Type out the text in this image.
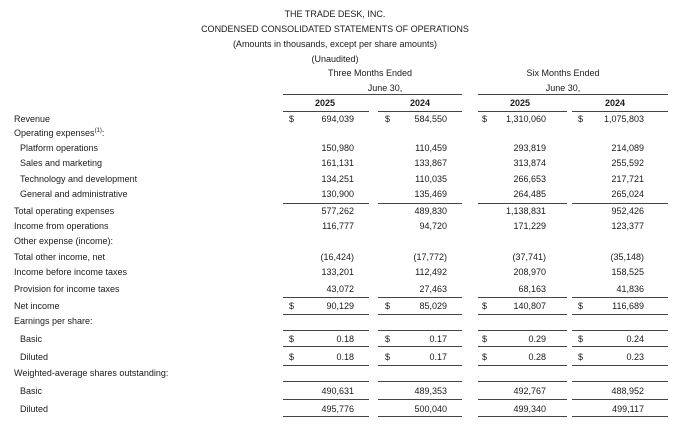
THE TRADE DESK, INC.
CONDENSED CONSOLIDATED STATEMENTS OF OPERATIONS
(Amounts in thousands, except per share amounts)
(Unaudited)
Three Months Ended
June 30,
Six Months Ended
June 30,
2025	2024	2025	2024
Revenue	$	694,039	$	584,550	$	1,310,060	$	1,075,803
Operating expenses$^{(1)}$:
Platform operations	150,980	110,459	293,819	214,089
Sales and marketing	161,131	133,867	313,874	255,592
Technology and development	134,251	110,035	266,653	217,721
General and administrative	130,900	135,469	264,485	265,024
Total operating expenses	577,262	489,830	1,138,831	952,426
Income from operations	116,777	94,720	171,229	123,377
Other expense (income):
Total other income, net	(16,424)	(17,772)	(37,741)	(35,148)
Income before income taxes	133,201	112,492	208,970	158,525
Provision for income taxes	43,072	27,463	68,163	41,836
Net income	$	90,129	$	85,029	$	140,807	$	116,689
Earnings per share:
Basic	$	0.18	$	0.17	$	0.29	$	0.24
Diluted	$	0.18	$	0.17	$	0.28	$	0.23
Weighted-average shares outstanding:
Basic	490,631	489,353	492,767	488,952
Diluted	495,776	500,040	499,340	499,117
